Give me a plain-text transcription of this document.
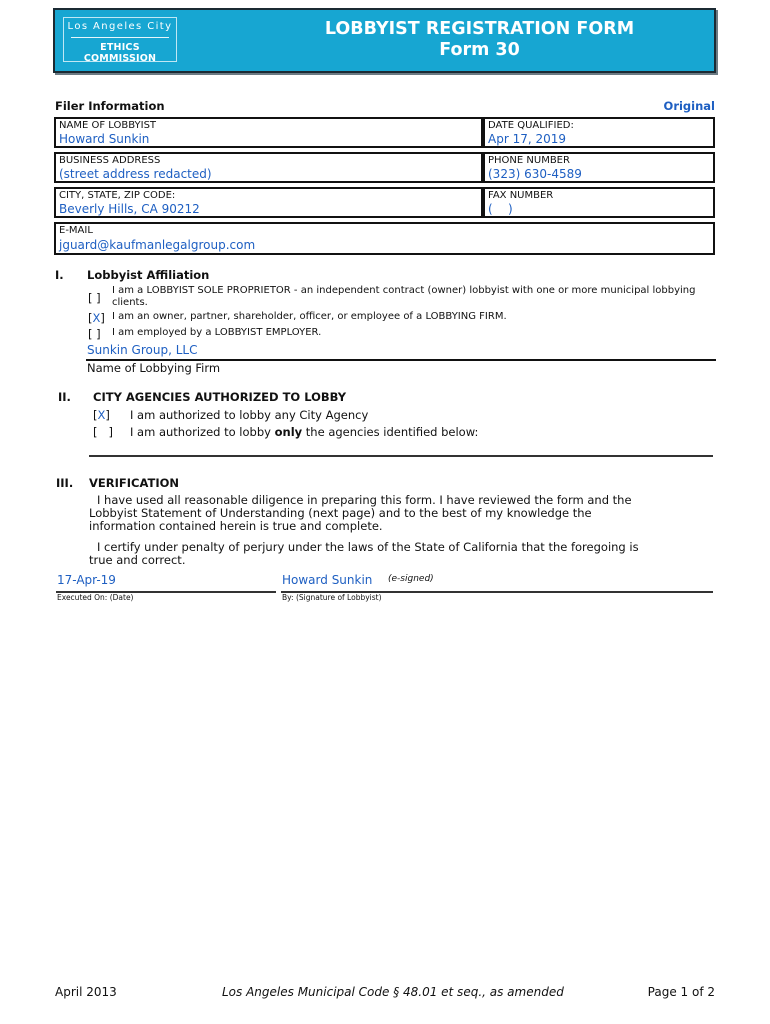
Los Angeles City
ETHICS COMMISSION
LOBBYIST REGISTRATION FORM
Form 30
Filer Information	Original
NAME OF LOBBYIST
Howard Sunkin
DATE QUALIFIED:
Apr 17, 2019
BUSINESS ADDRESS
(street address redacted)
PHONE NUMBER
(323) 630-4589
CITY, STATE, ZIP CODE:
Beverly Hills, CA 90212
FAX NUMBER
(    )
E-MAIL
jguard@kaufmanlegalgroup.com
I. Lobbyist Affiliation
[ ]
I am a LOBBYIST SOLE PROPRIETOR - an independent contract (owner) lobbyist with one or more municipal lobbying
clients.
[X] I am an owner, partner, shareholder, officer, or employee of a LOBBYING FIRM.
[ ] I am employed by a LOBBYIST EMPLOYER.
Sunkin Group, LLC
Name of Lobbying Firm
II. CITY AGENCIES AUTHORIZED TO LOBBY
[X] I am authorized to lobby any City Agency
[   ] I am authorized to lobby only the agencies identified below:
III. VERIFICATION
I have used all reasonable diligence in preparing this form. I have reviewed the form and the
Lobbyist Statement of Understanding (next page) and to the best of my knowledge the
information contained herein is true and complete.
I certify under penalty of perjury under the laws of the State of California that the foregoing is
true and correct.
17-Apr-19	Howard Sunkin (e-signed)
Executed On: (Date)	By: (Signature of Lobbyist)
April 2013	Los Angeles Municipal Code § 48.01 et seq., as amended	Page 1 of 2
